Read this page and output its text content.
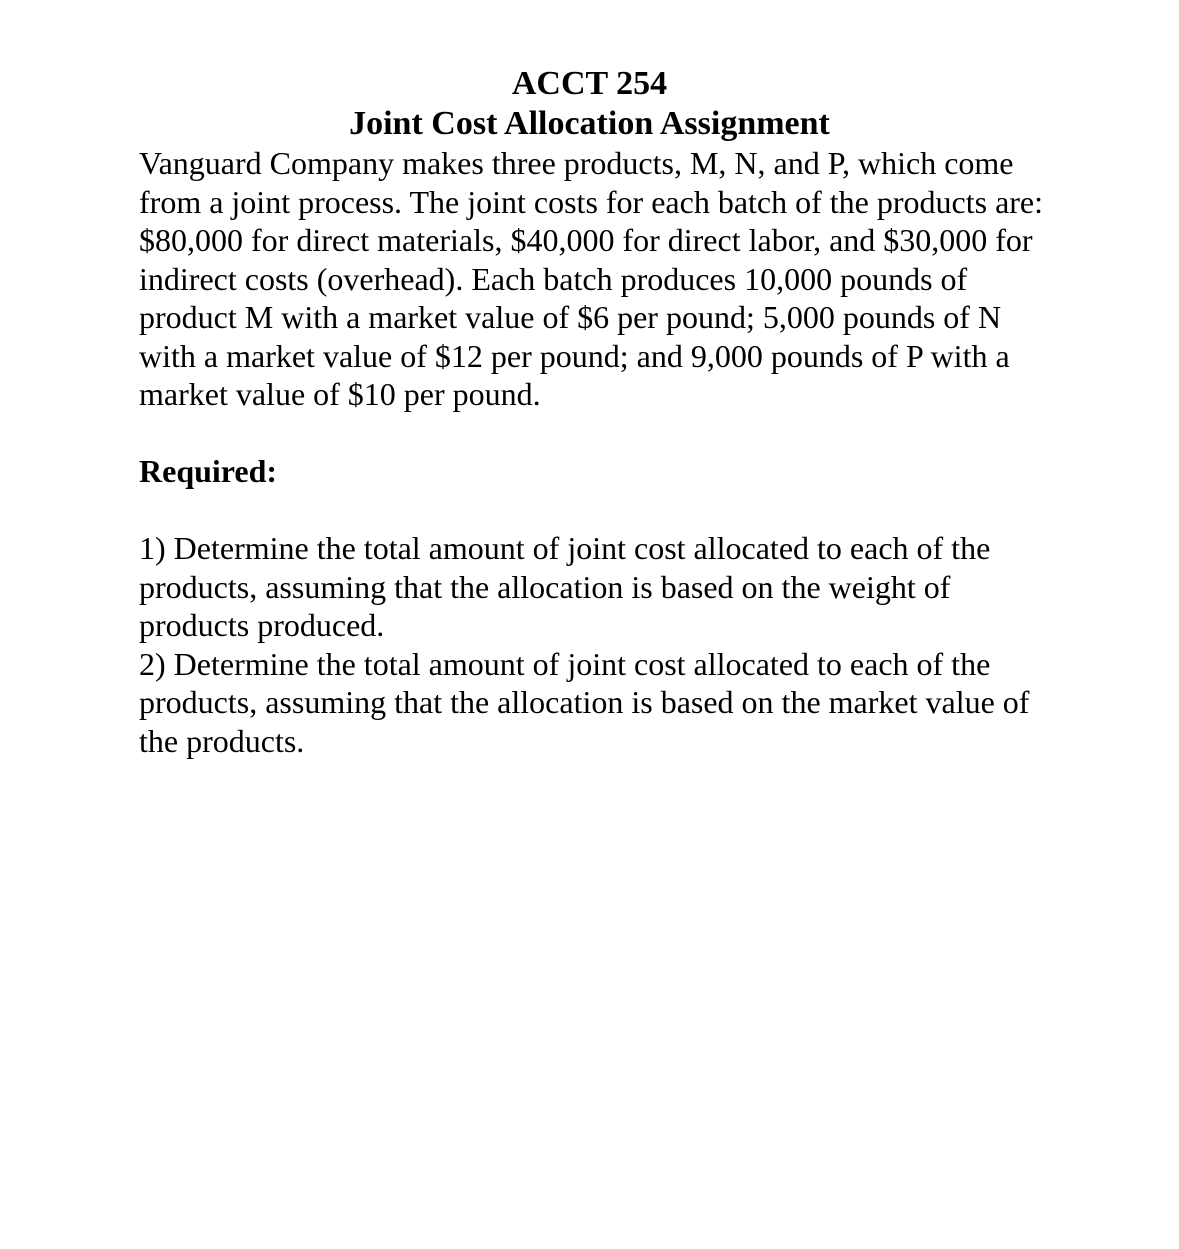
ACCT 254
Joint Cost Allocation Assignment
Vanguard Company makes three products, M, N, and P, which come from a joint process. The joint costs for each batch of the products are: $80,000 for direct materials, $40,000 for direct labor, and $30,000 for indirect costs (overhead). Each batch produces 10,000 pounds of product M with a market value of $6 per pound; 5,000 pounds of N with a market value of $12 per pound; and 9,000 pounds of P with a market value of $10 per pound.
Required:
1) Determine the total amount of joint cost allocated to each of the products, assuming that the allocation is based on the weight of products produced.
2) Determine the total amount of joint cost allocated to each of the products, assuming that the allocation is based on the market value of the products.
